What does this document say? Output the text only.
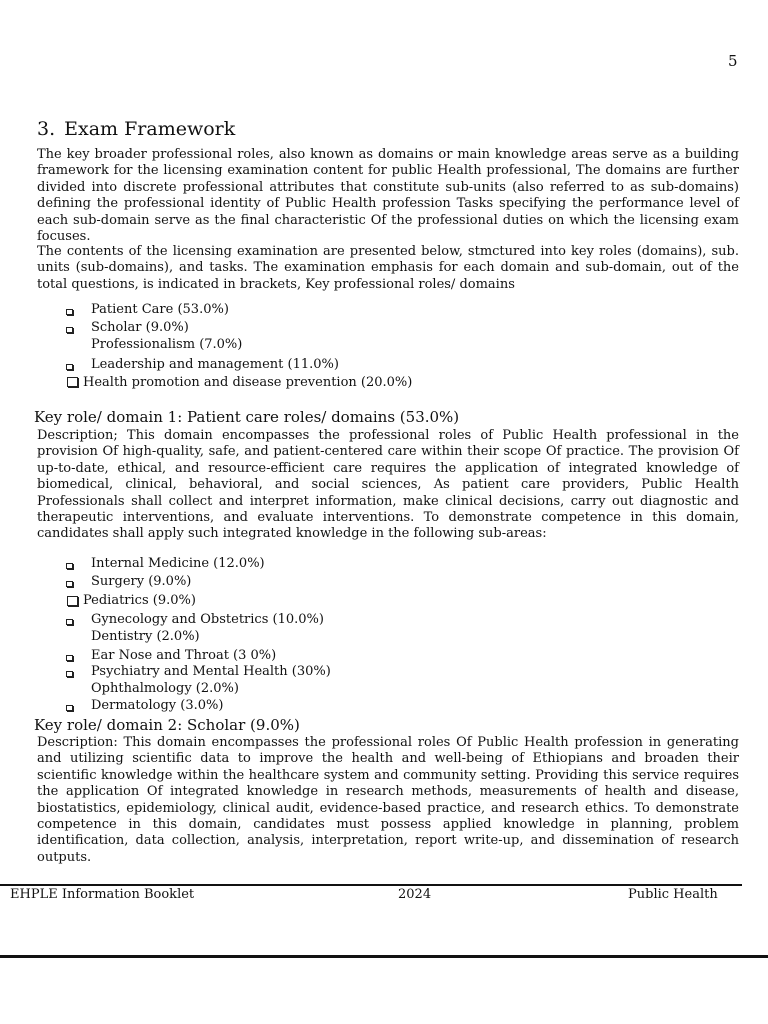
5
3. Exam Framework

The key broader professional roles, also known as domains or main knowledge areas serve as a building framework for the licensing examination content for public Health professional, The domains are further divided into discrete professional attributes that constitute sub-units (also referred to as sub-domains) defining the professional identity of Public Health profession Tasks specifying the performance level of each sub-domain serve as the final characteristic Of the professional duties on which the licensing exam focuses.

The contents of the licensing examination are presented below, stmctured into key roles (domains), sub. units (sub-domains), and tasks. The examination emphasis for each domain and sub-domain, out of the total questions, is indicated in brackets, Key professional roles/ domains

Patient Care (53.0%)
Scholar (9.0%)
Professionalism (7.0%)
Leadership and management (11.0%)
Health promotion and disease prevention (20.0%)
Key role/ domain 1: Patient care roles/ domains (53.0%)

Description; This domain encompasses the professional roles of Public Health professional in the provision Of high-quality, safe, and patient-centered care within their scope Of practice. The provision Of up-to-date, ethical, and resource-efficient care requires the application of integrated knowledge of biomedical, clinical, behavioral, and social sciences, As patient care providers, Public Health Professionals shall collect and interpret information, make clinical decisions, carry out diagnostic and therapeutic interventions, and evaluate interventions. To demonstrate competence in this domain, candidates shall apply such integrated knowledge in the following sub-areas:

Internal Medicine (12.0%)
Surgery (9.0%)
Pediatrics (9.0%)
Gynecology and Obstetrics (10.0%)
Dentistry (2.0%)
Ear Nose and Throat (3 0%)
Psychiatry and Mental Health (30%)
Ophthalmology (2.0%)
Dermatology (3.0%)
Key role/ domain 2: Scholar (9.0%)

Description: This domain encompasses the professional roles Of Public Health profession in generating and utilizing scientific data to improve the health and well-being of Ethiopians and broaden their scientific knowledge within the healthcare system and community setting. Providing this service requires the application Of integrated knowledge in research methods, measurements of health and disease, biostatistics, epidemiology, clinical audit, evidence-based practice, and research ethics. To demonstrate competence in this domain, candidates must possess applied knowledge in planning, problem identification, data collection, analysis, interpretation, report write-up, and dissemination of research outputs.

EHPLE Information Booklet	2024	Public Health
